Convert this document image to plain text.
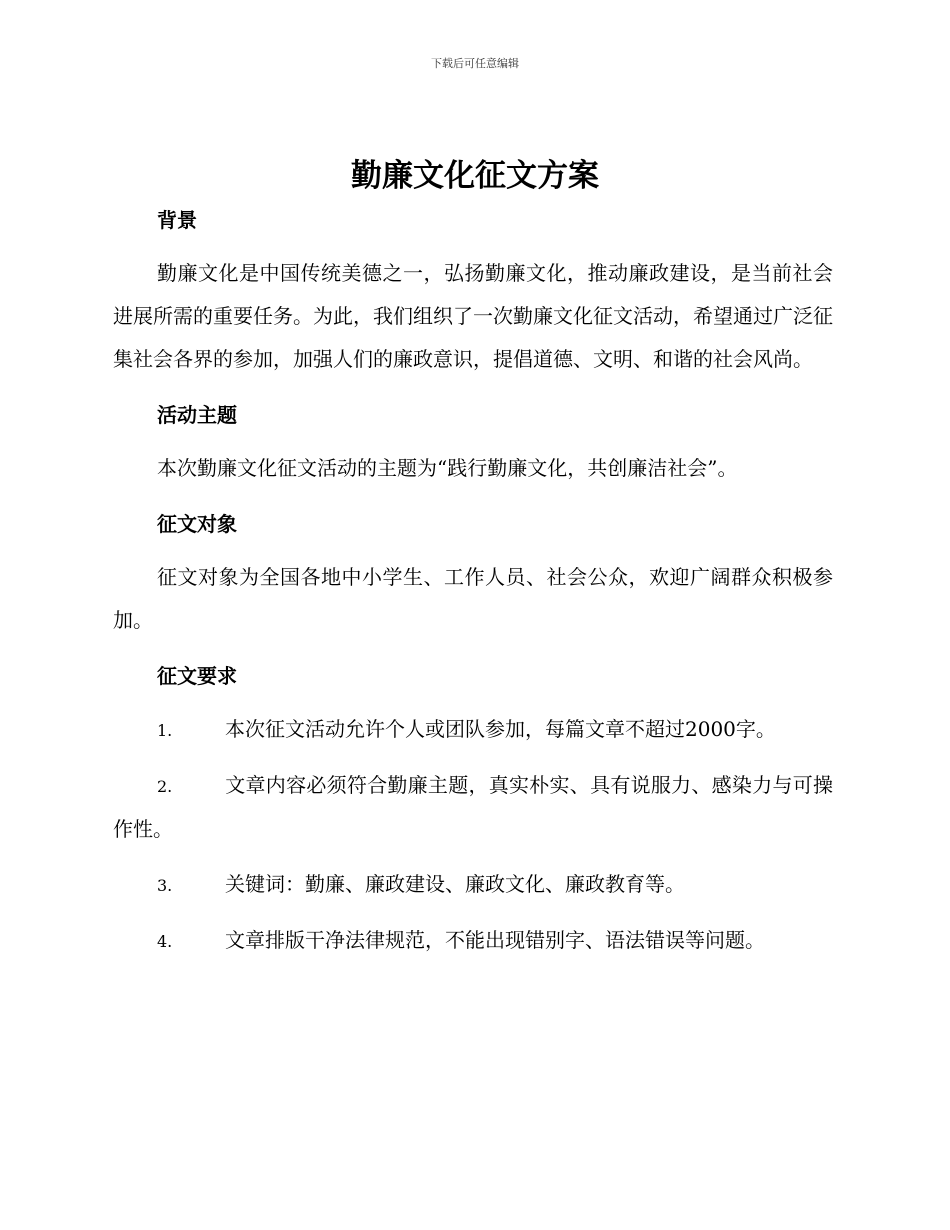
下载后可任意编辑
勤廉文化征文方案
背景

勤廉文化是中国传统美德之一，弘扬勤廉文化，推动廉政建设，是当前社会进展所需的重要任务。为此，我们组织了一次勤廉文化征文活动，希望通过广泛征集社会各界的参加，加强人们的廉政意识，提倡道德、文明、和谐的社会风尚。

活动主题

本次勤廉文化征文活动的主题为“践行勤廉文化，共创廉洁社会”。

征文对象

征文对象为全国各地中小学生、工作人员、社会公众，欢迎广阔群众积极参加。

征文要求

1.	本次征文活动允许个人或团队参加，每篇文章不超过2000字。

2.	文章内容必须符合勤廉主题，真实朴实、具有说服力、感染力与可操作性。

3.	关键词：勤廉、廉政建设、廉政文化、廉政教育等。

4.	文章排版干净法律规范，不能出现错别字、语法错误等问题。
